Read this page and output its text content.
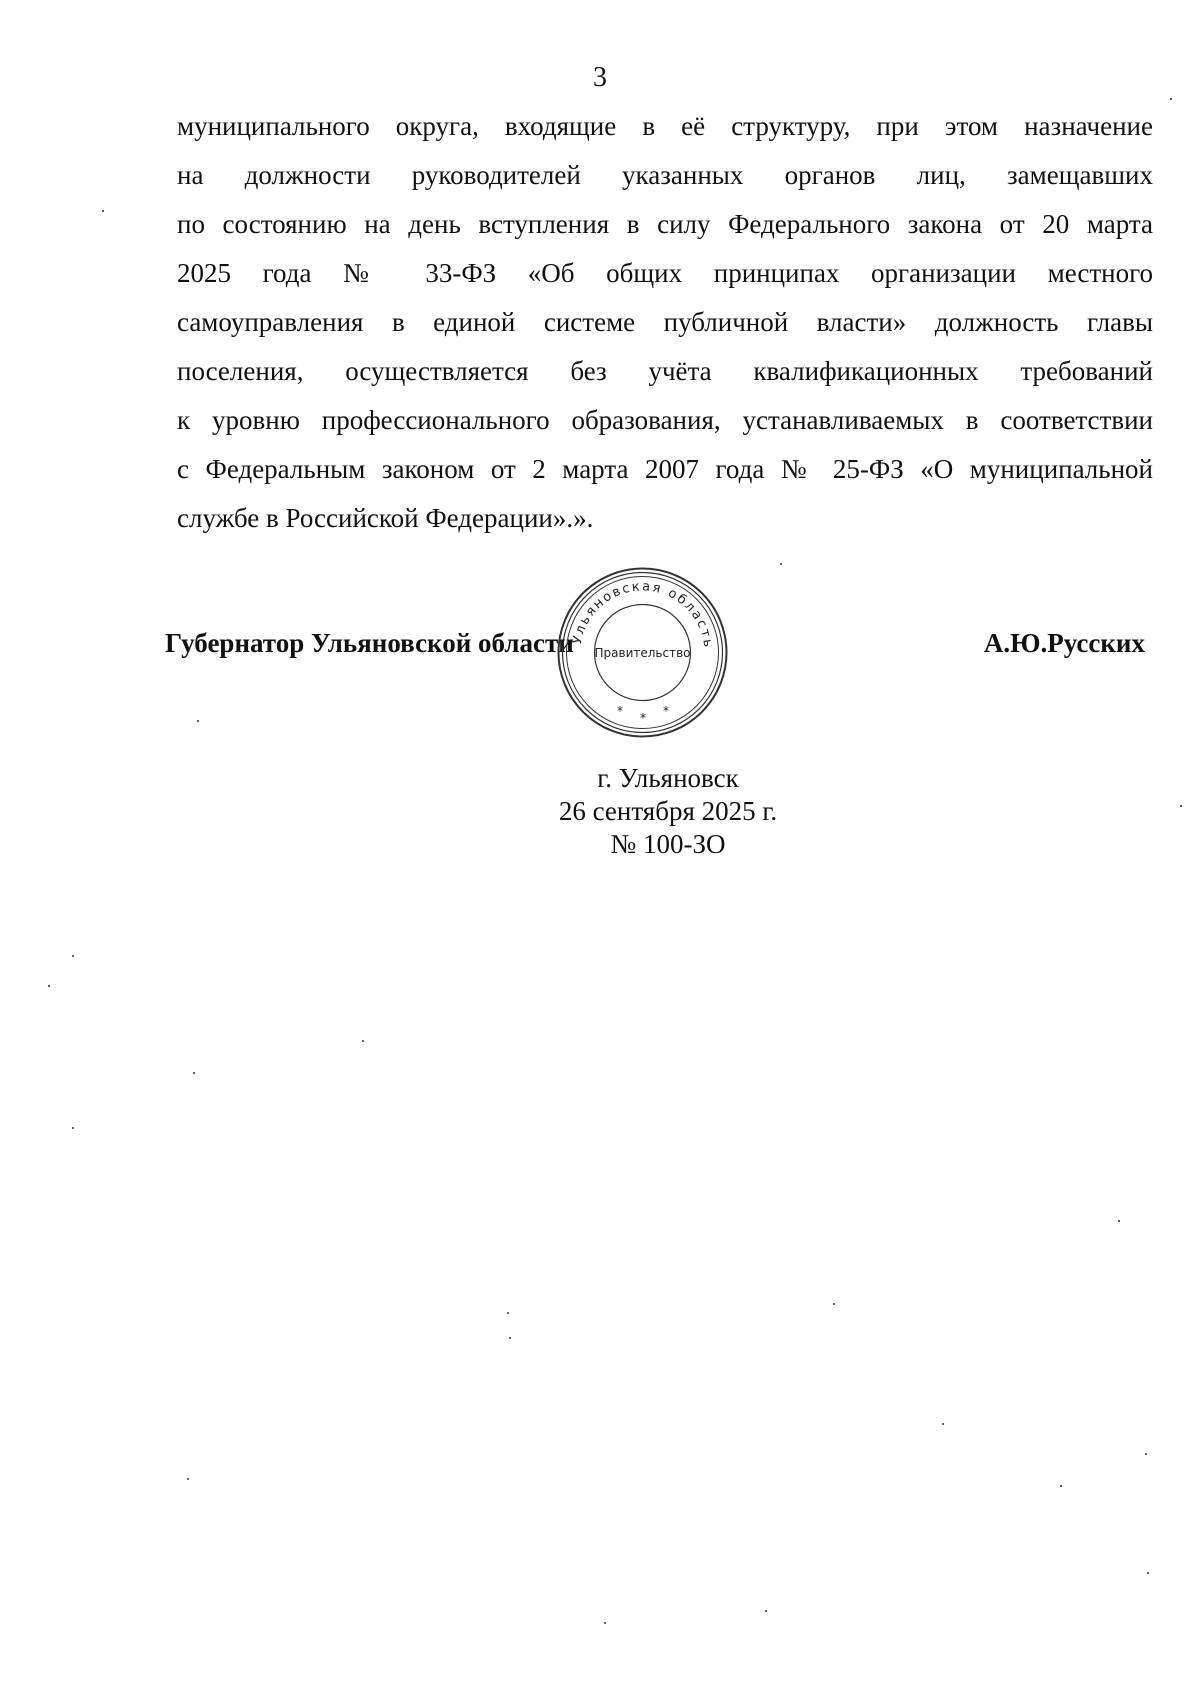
3
муниципального округа, входящие в её структуру, при этом назначение
на должности руководителей указанных органов лиц, замещавших
по состоянию на день вступления в силу Федерального закона от 20 марта
2025 года № 33-ФЗ «Об общих принципах организации местного
самоуправления в единой системе публичной власти» должность главы
поселения, осуществляется без учёта квалификационных требований
к уровню профессионального образования, устанавливаемых в соответствии
с Федеральным законом от 2 марта 2007 года № 25-ФЗ «О муниципальной
службе в Российской Федерации».».
Губернатор Ульяновской области	А.Ю.Русских
Ульяновская область
Правительство
* * *
г. Ульяновск
26 сентября 2025 г.
№ 100-ЗО
